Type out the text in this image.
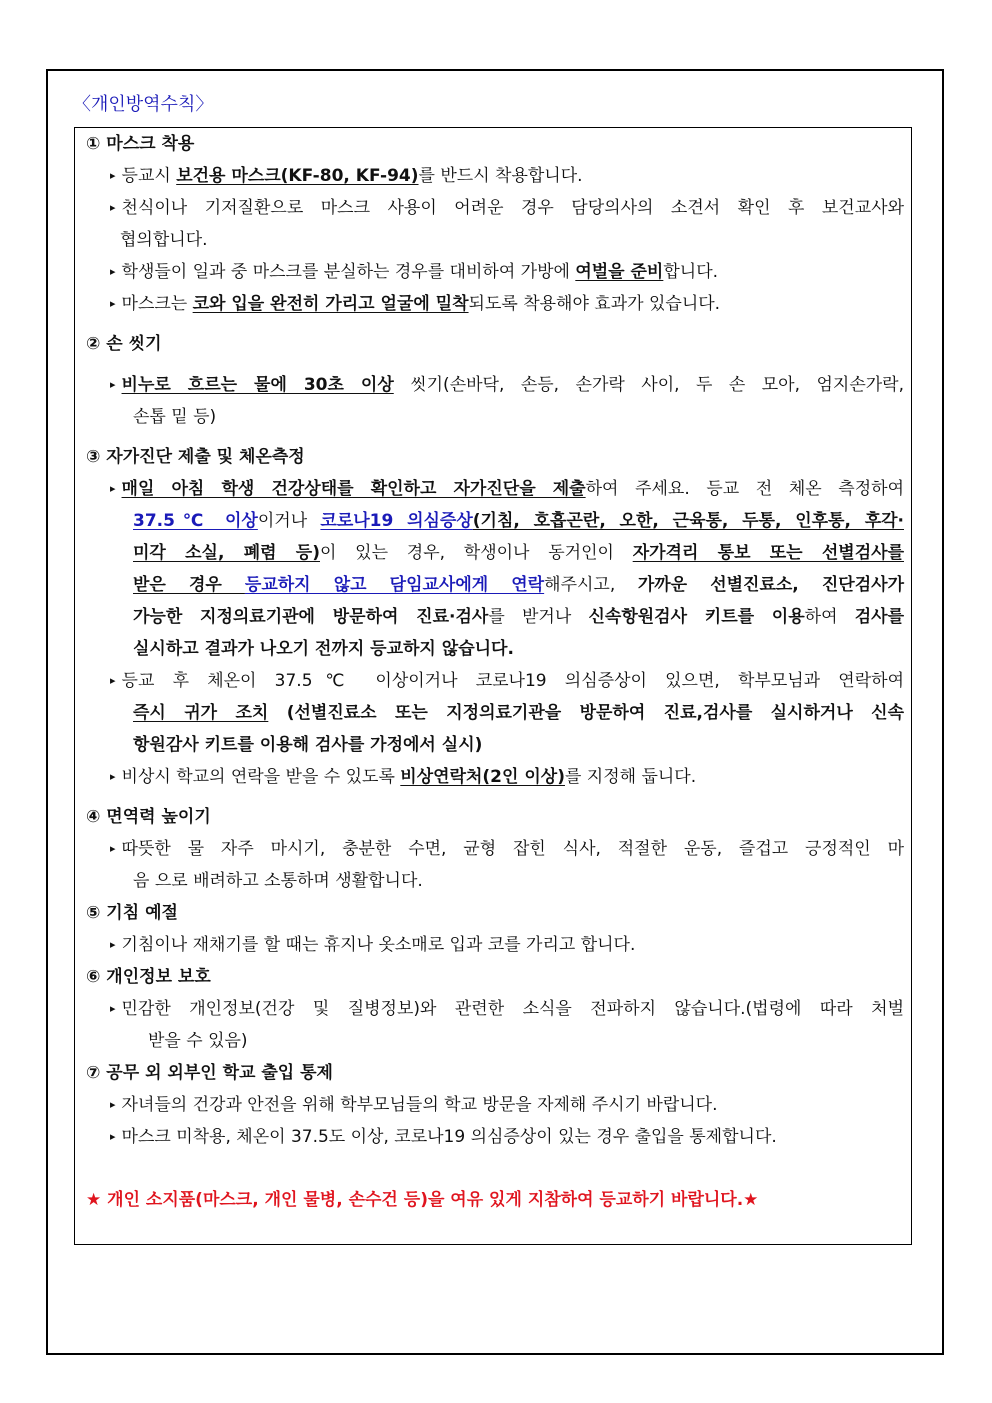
〈개인방역수칙〉
① 마스크 착용
▸ 등교시 보건용 마스크(KF-80, KF-94)를 반드시 착용합니다.
▸ 천식이나 기저질환으로 마스크 사용이 어려운 경우 담당의사의 소견서 확인 후 보건교사와
협의합니다.
▸ 학생들이 일과 중 마스크를 분실하는 경우를 대비하여 가방에 여벌을 준비합니다.
▸ 마스크는 코와 입을 완전히 가리고 얼굴에 밀착되도록 착용해야 효과가 있습니다.
② 손 씻기
▸ 비누로 흐르는 물에 30초 이상 씻기(손바닥, 손등, 손가락 사이, 두 손 모아, 엄지손가락,
손톱 밑 등)
③ 자가진단 제출 및 체온측정
▸ 매일 아침 학생 건강상태를 확인하고 자가진단을 제출하여 주세요. 등교 전 체온 측정하여
37.5℃ 이상이거나 코로나19 의심증상(기침, 호흡곤란, 오한, 근육통, 두통, 인후통, 후각·
미각 소실, 폐렴 등)이 있는 경우, 학생이나 동거인이 자가격리 통보 또는 선별검사를
받은 경우 등교하지 않고 담임교사에게 연락해주시고, 가까운 선별진료소, 진단검사가
가능한 지정의료기관에 방문하여 진료·검사를 받거나 신속항원검사 키트를 이용하여 검사를
실시하고 결과가 나오기 전까지 등교하지 않습니다.
▸ 등교 후 체온이 37.5℃ 이상이거나 코로나19 의심증상이 있으면, 학부모님과 연락하여
즉시 귀가 조치 (선별진료소 또는 지정의료기관을 방문하여 진료,검사를 실시하거나 신속
항원감사 키트를 이용해 검사를 가정에서 실시)
▸ 비상시 학교의 연락을 받을 수 있도록 비상연락처(2인 이상)를 지정해 둡니다.
④ 면역력 높이기
▸ 따뜻한 물 자주 마시기, 충분한 수면, 균형 잡힌 식사, 적절한 운동, 즐겁고 긍정적인 마
음 으로 배려하고 소통하며 생활합니다.
⑤ 기침 예절
▸ 기침이나 재채기를 할 때는 휴지나 옷소매로 입과 코를 가리고 합니다.
⑥ 개인정보 보호
▸ 민감한 개인정보(건강 및 질병정보)와 관련한 소식을 전파하지 않습니다.(법령에 따라 처벌
받을 수 있음)
⑦ 공무 외 외부인 학교 출입 통제
▸ 자녀들의 건강과 안전을 위해 학부모님들의 학교 방문을 자제해 주시기 바랍니다.
▸ 마스크 미착용, 체온이 37.5도 이상, 코로나19 의심증상이 있는 경우 출입을 통제합니다.
★ 개인 소지품(마스크, 개인 물병, 손수건 등)을 여유 있게 지참하여 등교하기 바랍니다.★
